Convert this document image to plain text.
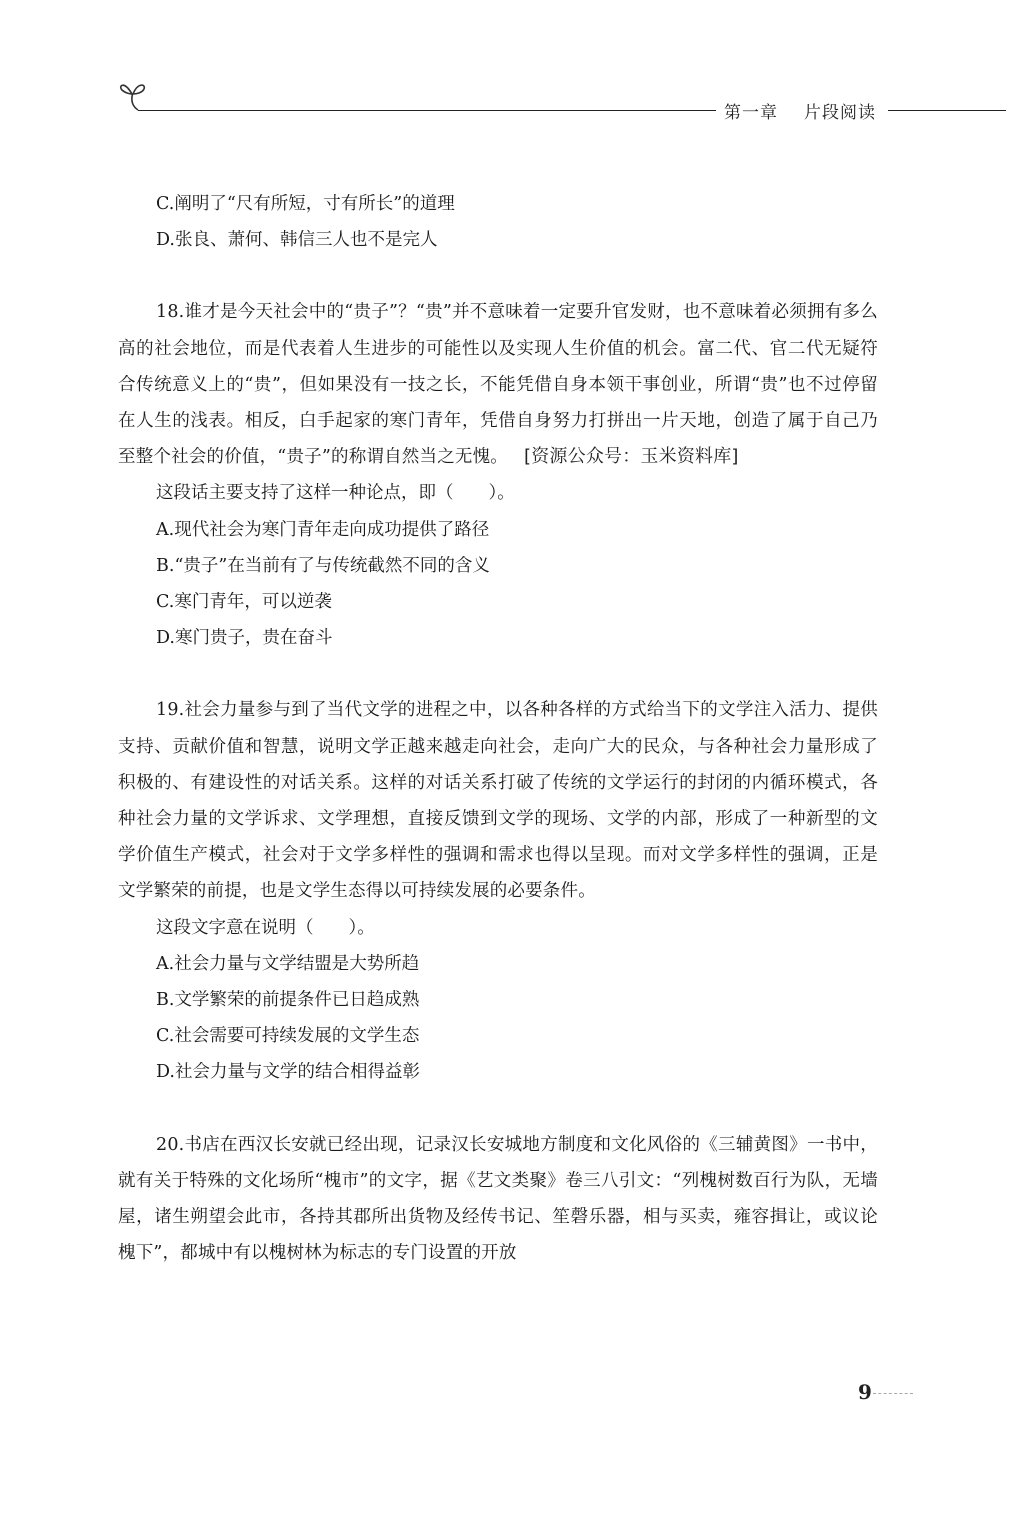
第一章 片段阅读
C.阐明了“尺有所短，寸有所长”的道理
D.张良、萧何、韩信三人也不是完人
18.谁才是今天社会中的“贵子”？“贵”并不意味着一定要升官发财，也不意味着必须拥有多么高的社会地位，而是代表着人生进步的可能性以及实现人生价值的机会。富二代、官二代无疑符合传统意义上的“贵”，但如果没有一技之长，不能凭借自身本领干事创业，所谓“贵”也不过停留在人生的浅表。相反，白手起家的寒门青年，凭借自身努力打拼出一片天地，创造了属于自己乃至整个社会的价值，“贵子”的称谓自然当之无愧。 [资源公众号：玉米资料库]
这段话主要支持了这样一种论点，即（　　）。
A.现代社会为寒门青年走向成功提供了路径
B.“贵子”在当前有了与传统截然不同的含义
C.寒门青年，可以逆袭
D.寒门贵子，贵在奋斗
19.社会力量参与到了当代文学的进程之中，以各种各样的方式给当下的文学注入活力、提供支持、贡献价值和智慧，说明文学正越来越走向社会，走向广大的民众，与各种社会力量形成了积极的、有建设性的对话关系。这样的对话关系打破了传统的文学运行的封闭的内循环模式，各种社会力量的文学诉求、文学理想，直接反馈到文学的现场、文学的内部，形成了一种新型的文学价值生产模式，社会对于文学多样性的强调和需求也得以呈现。而对文学多样性的强调，正是文学繁荣的前提，也是文学生态得以可持续发展的必要条件。
这段文字意在说明（　　）。
A.社会力量与文学结盟是大势所趋
B.文学繁荣的前提条件已日趋成熟
C.社会需要可持续发展的文学生态
D.社会力量与文学的结合相得益彰
20.书店在西汉长安就已经出现，记录汉长安城地方制度和文化风俗的《三辅黄图》一书中，就有关于特殊的文化场所“槐市”的文字，据《艺文类聚》卷三八引文：“列槐树数百行为队，无墙屋，诸生朔望会此市，各持其郡所出货物及经传书记、笙磬乐器，相与买卖，雍容揖让，或议论槐下”，都城中有以槐树林为标志的专门设置的开放
9
